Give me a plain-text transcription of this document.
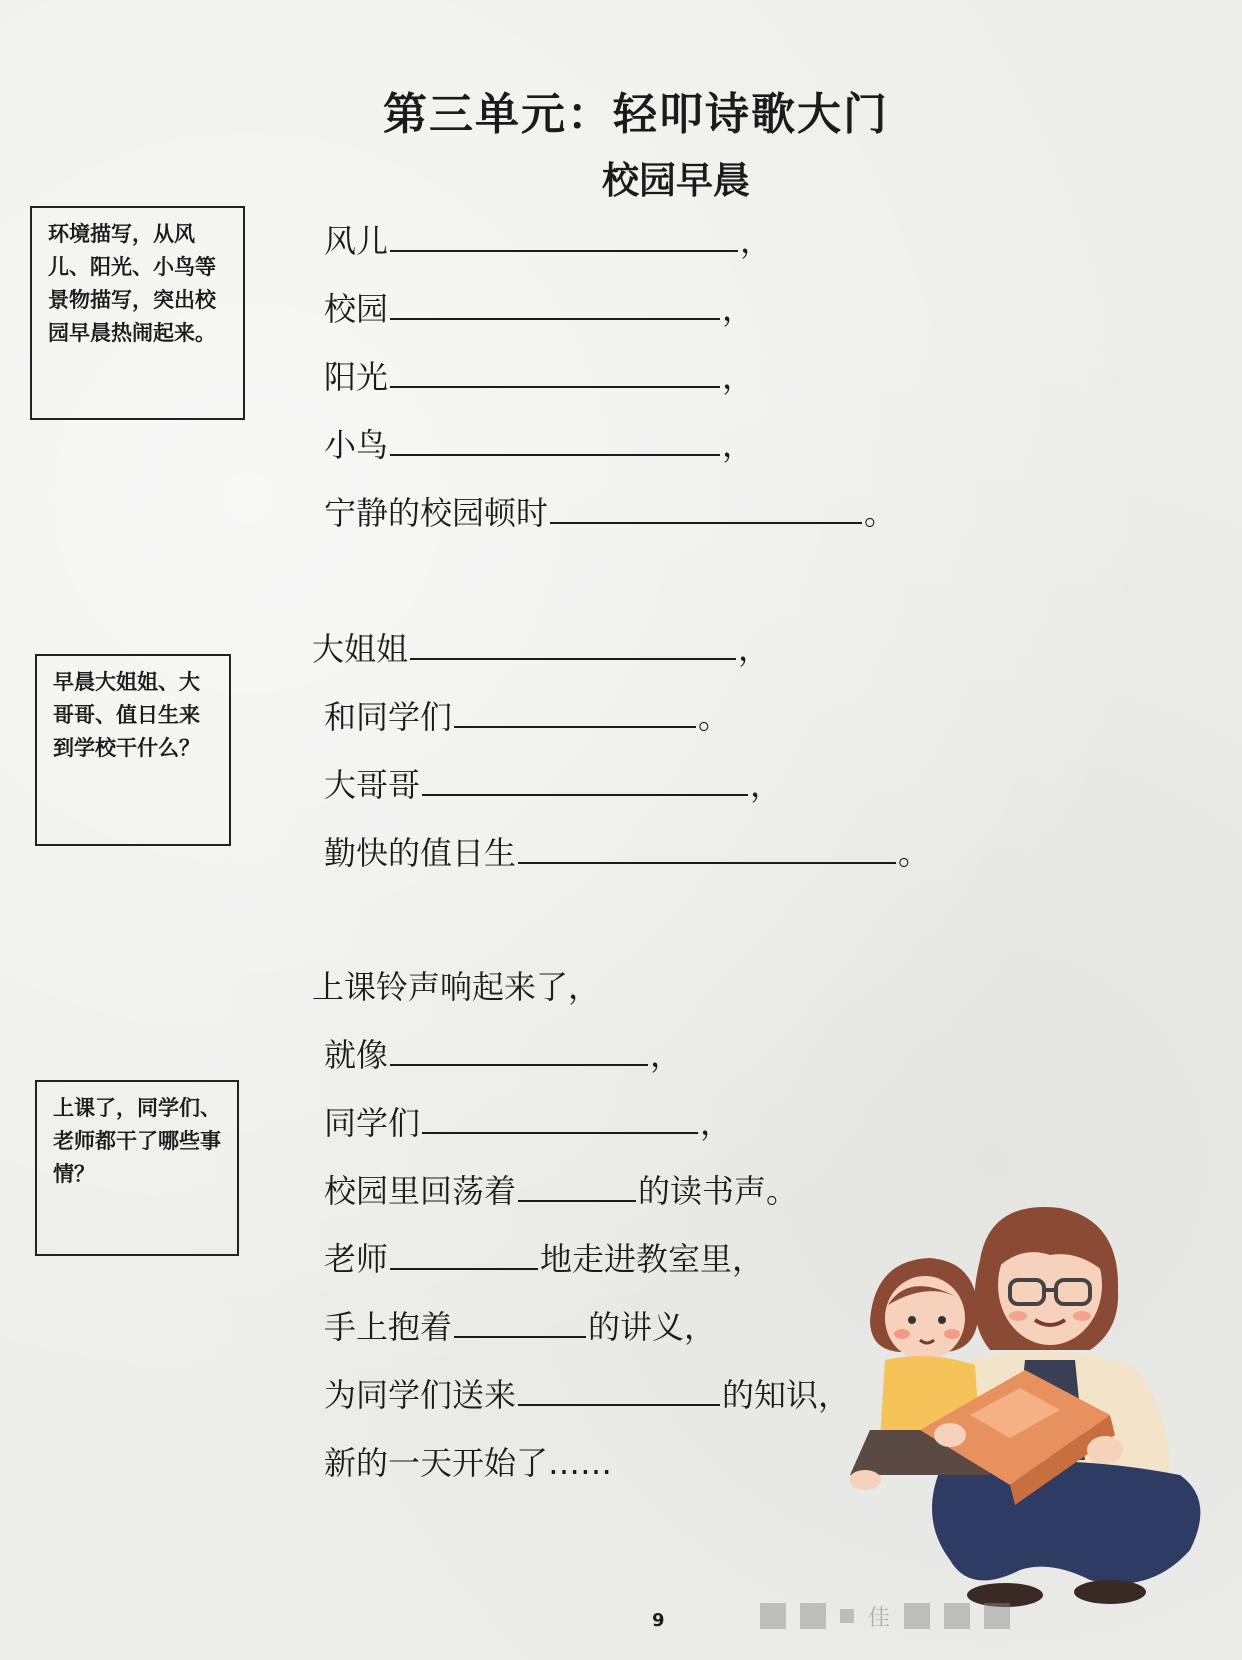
第三单元：轻叩诗歌大门
校园早晨
环境描写，从风儿、阳光、小鸟等景物描写，突出校园早晨热闹起来。
早晨大姐姐、大哥哥、值日生来到学校干什么？
上课了，同学们、老师都干了哪些事情？
风儿	，
校园	，
阳光	，
小鸟	，
宁静的校园顿时	。
大姐姐	，
和同学们	。
大哥哥	，
勤快的值日生	。
上课铃声响起来了，
就像	，
同学们	，
校园里回荡着	的读书声。
老师	地走进教室里，
手上抱着	的讲义，
为同学们送来	的知识，
新的一天开始了……
9	佳
